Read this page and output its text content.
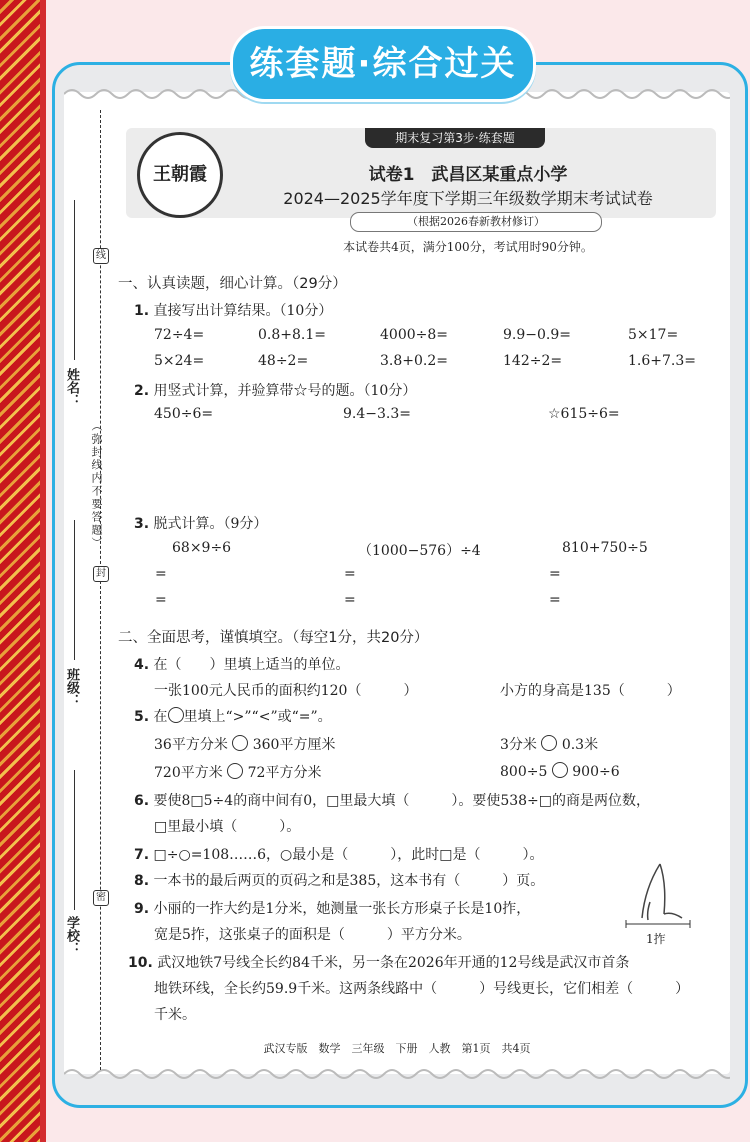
练套题·综合过关
线
封
密
（弥封线内不要答题）
姓名：
班级：
学校：
王朝霞
期末复习第3步·练套题
试卷1　武昌区某重点小学
2024—2025学年度下学期三年级数学期末考试试卷
（根据2026春新教材修订）
本试卷共4页，满分100分，考试用时90分钟。
一、认真读题，细心计算。（29分）
1. 直接写出计算结果。（10分）
72÷4=	0.8+8.1=	4000÷8=	9.9−0.9=	5×17=
5×24=	48÷2=	3.8+0.2=	142÷2=	1.6+7.3=
2. 用竖式计算，并验算带☆号的题。（10分）
450÷6=	9.4−3.3=	☆615÷6=
3. 脱式计算。（9分）
68×9÷6	（1000−576）÷4	810+750÷5
=	=	=
=	=	=
二、全面思考，谨慎填空。（每空1分，共20分）
4. 在（　　）里填上适当的单位。
一张100元人民币的面积约120（　　　）	小方的身高是135（　　　）
5. 在 里填上“>”“<”或“=”。
36平方分米 360平方厘米	3分米 0.3米
720平方米 72平方分米	800÷5 900÷6
6. 要使8□5÷4的商中间有0，□里最大填（　　　）。要使538÷□的商是两位数，
□里最小填（　　　）。
7. □÷○=108……6，○最小是（　　　），此时□是（　　　）。
8. 一本书的最后两页的页码之和是385，这本书有（　　　）页。
9. 小丽的一拃大约是1分米，她测量一张长方形桌子长是10拃，
宽是5拃，这张桌子的面积是（　　　）平方分米。	1拃
10. 武汉地铁7号线全长约84千米，另一条在2026年开通的12号线是武汉市首条
地铁环线，全长约59.9千米。这两条线路中（　　　）号线更长，它们相差（　　　）
千米。
武汉专版　数学　三年级　下册　人教　第1页　共4页
